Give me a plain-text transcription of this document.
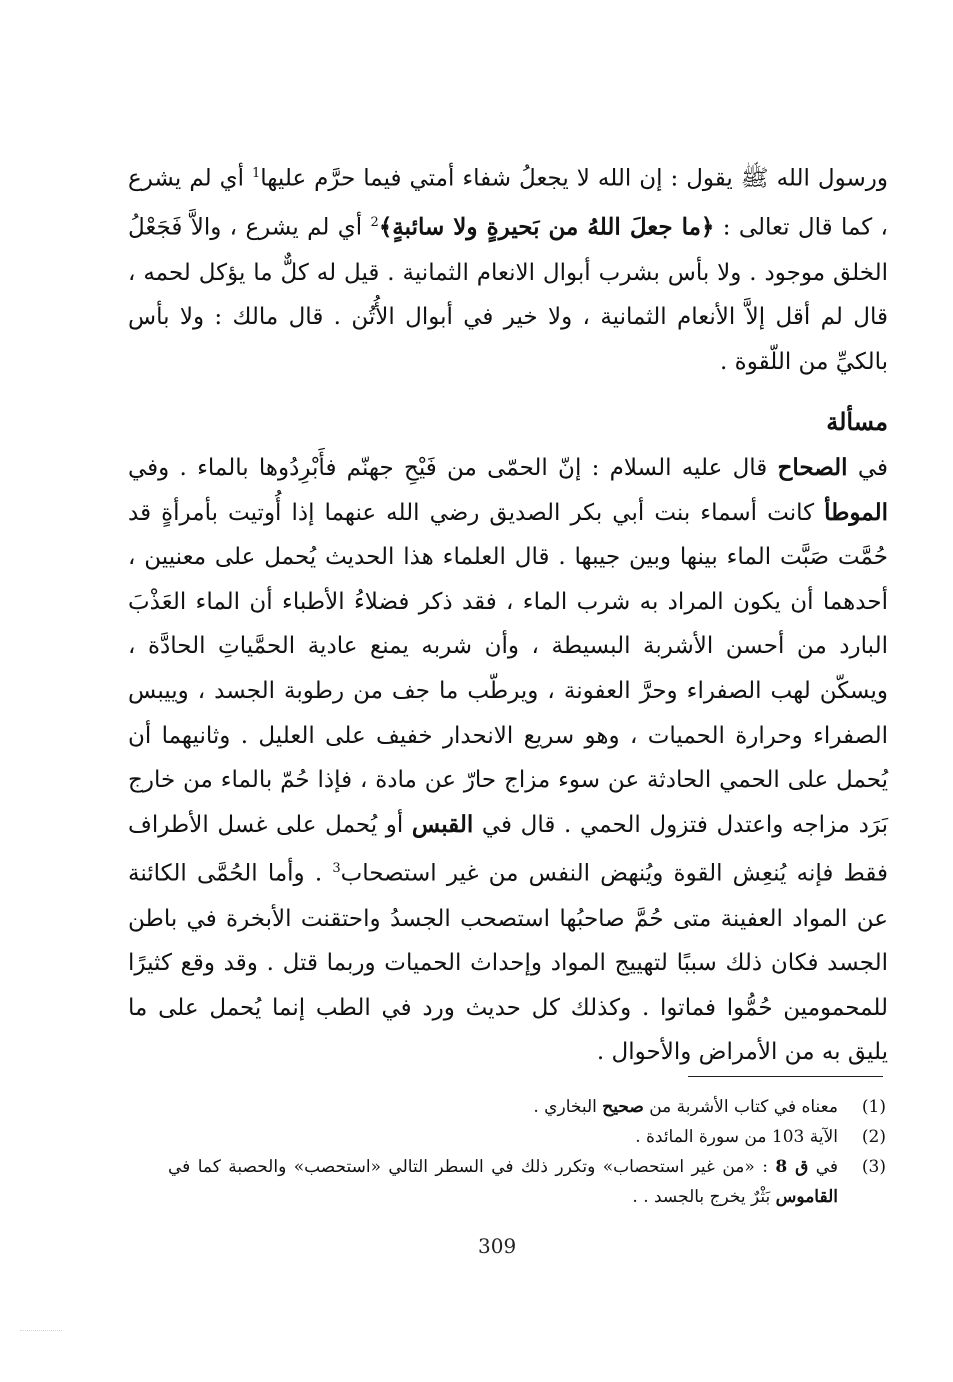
ورسول الله ﷺ يقول : إن الله لا يجعلُ شفاء أمتي فيما حرَّم عليها$^1$ أي لم يشرع ، كما قال تعالى : ﴿ما جعلَ اللهُ من بَحيرةٍ ولا سائبةٍ﴾$^2$ أي لم يشرع ، والاَّ فَجَعْلُ الخلق موجود . ولا بأس بشرب أبوال الانعام الثمانية . قيل له كلٌّ ما يؤكل لحمه ، قال لم أقل إلاَّ الأنعام الثمانية ، ولا خير في أبوال الأُتُن . قال مالك : ولا بأس بالكيِّ من اللّقوة .
مسألة
في الصحاح قال عليه السلام : إنّ الحمّى من فَيْحِ جهنّم فأَبْرِدُوها بالماء . وفي الموطأ كانت أسماء بنت أبي بكر الصديق رضي الله عنهما إذا أُوتيت بأمرأةٍ قد حُمَّت صَبَّت الماء بينها وبين جيبها . قال العلماء هذا الحديث يُحمل على معنيين ، أحدهما أن يكون المراد به شرب الماء ، فقد ذكر فضلاءُ الأطباء أن الماء العَذْبَ البارد من أحسن الأشربة البسيطة ، وأن شربه يمنع عادية الحمَّياتِ الحادَّة ، ويسكّن لهب الصفراء وحرَّ العفونة ، ويرطّب ما جف من رطوبة الجسد ، وييبس الصفراء وحرارة الحميات ، وهو سريع الانحدار خفيف على العليل . وثانيهما أن يُحمل على الحمي الحادثة عن سوء مزاج حارّ عن مادة ، فإذا حُمّ بالماء من خارج بَرَد مزاجه واعتدل فتزول الحمي . قال في القبس أو يُحمل على غسل الأطراف فقط فإنه يُنعِش القوة ويُنهض النفس من غير استصحاب$^3$ . وأما الحُمَّى الكائنة عن المواد العفينة متى حُمَّ صاحبُها استصحب الجسدُ واحتقنت الأبخرة في باطن الجسد فكان ذلك سببًا لتهييج المواد وإحداث الحميات وربما قتل . وقد وقع كثيرًا للمحمومين حُمُّوا فماتوا . وكذلك كل حديث ورد في الطب إنما يُحمل على ما يليق به من الأمراض والأحوال .
(1)
معناه في كتاب الأشربة من صحيح البخاري .
(2)
الآية 103 من سورة المائدة .
(3)
في ق 8 : «من غير استحصاب» وتكرر ذلك في السطر التالي «استحصب» والحصبة كما في القاموس بَثْرٌ يخرج بالجسد . .
309
